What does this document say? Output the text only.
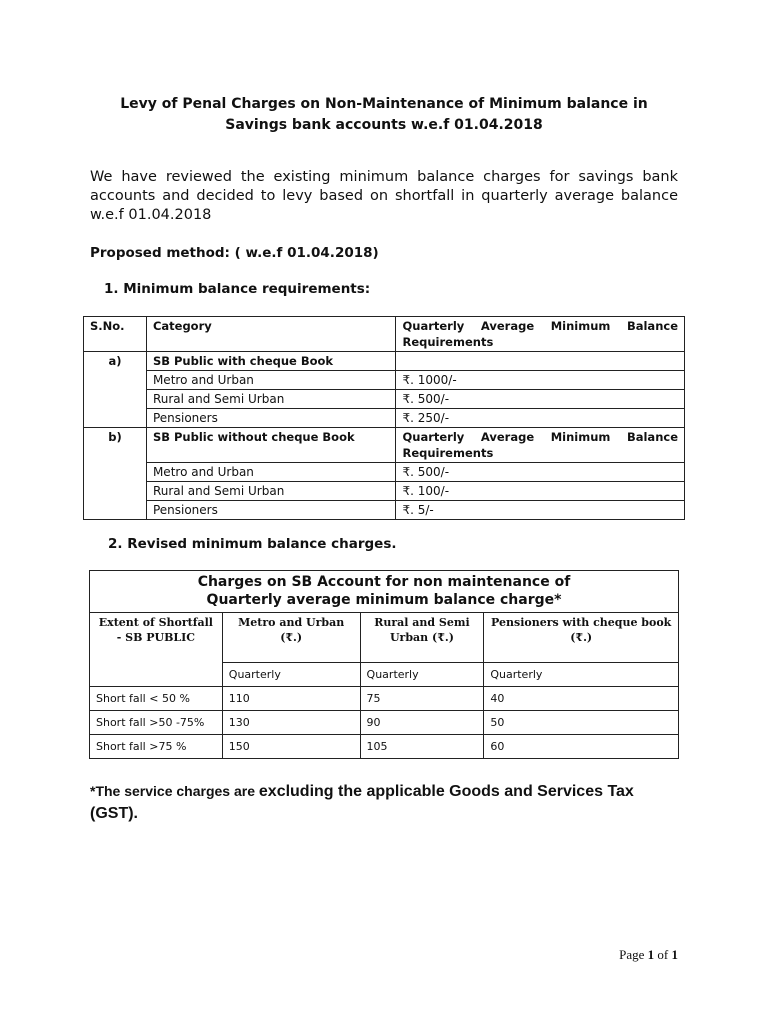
Levy of Penal Charges on Non-Maintenance of Minimum balance in
Savings bank accounts w.e.f 01.04.2018

We have reviewed the existing minimum balance charges for savings bank accounts and decided to levy based on shortfall in quarterly average balance w.e.f 01.04.2018

Proposed method: ( w.e.f 01.04.2018)
1. Minimum balance requirements:
S.No.	Category	Quarterly Average Minimum Balance Requirements
a)	SB Public with cheque Book	
	Metro and Urban	₹. 1000/-
	Rural and Semi Urban	₹. 500/-
	Pensioners	₹. 250/-
b)	SB Public without cheque Book	Quarterly Average Minimum Balance Requirements
	Metro and Urban	₹. 500/-
	Rural and Semi Urban	₹. 100/-
	Pensioners	₹. 5/-
2. Revised minimum balance charges.
Charges on SB Account for non maintenance of
Quarterly average minimum balance charge*			

Extent of Shortfall - SB PUBLIC	Metro and Urban (₹.)	Rural and Semi Urban (₹.)	Pensioners with cheque book (₹.)
	Quarterly	Quarterly	Quarterly
Short fall < 50 %	110	75	40
Short fall >50 -75%	130	90	50
Short fall >75 %	150	105	60

*The service charges are excluding the applicable Goods and Services Tax (GST).

Page 1 of 1
